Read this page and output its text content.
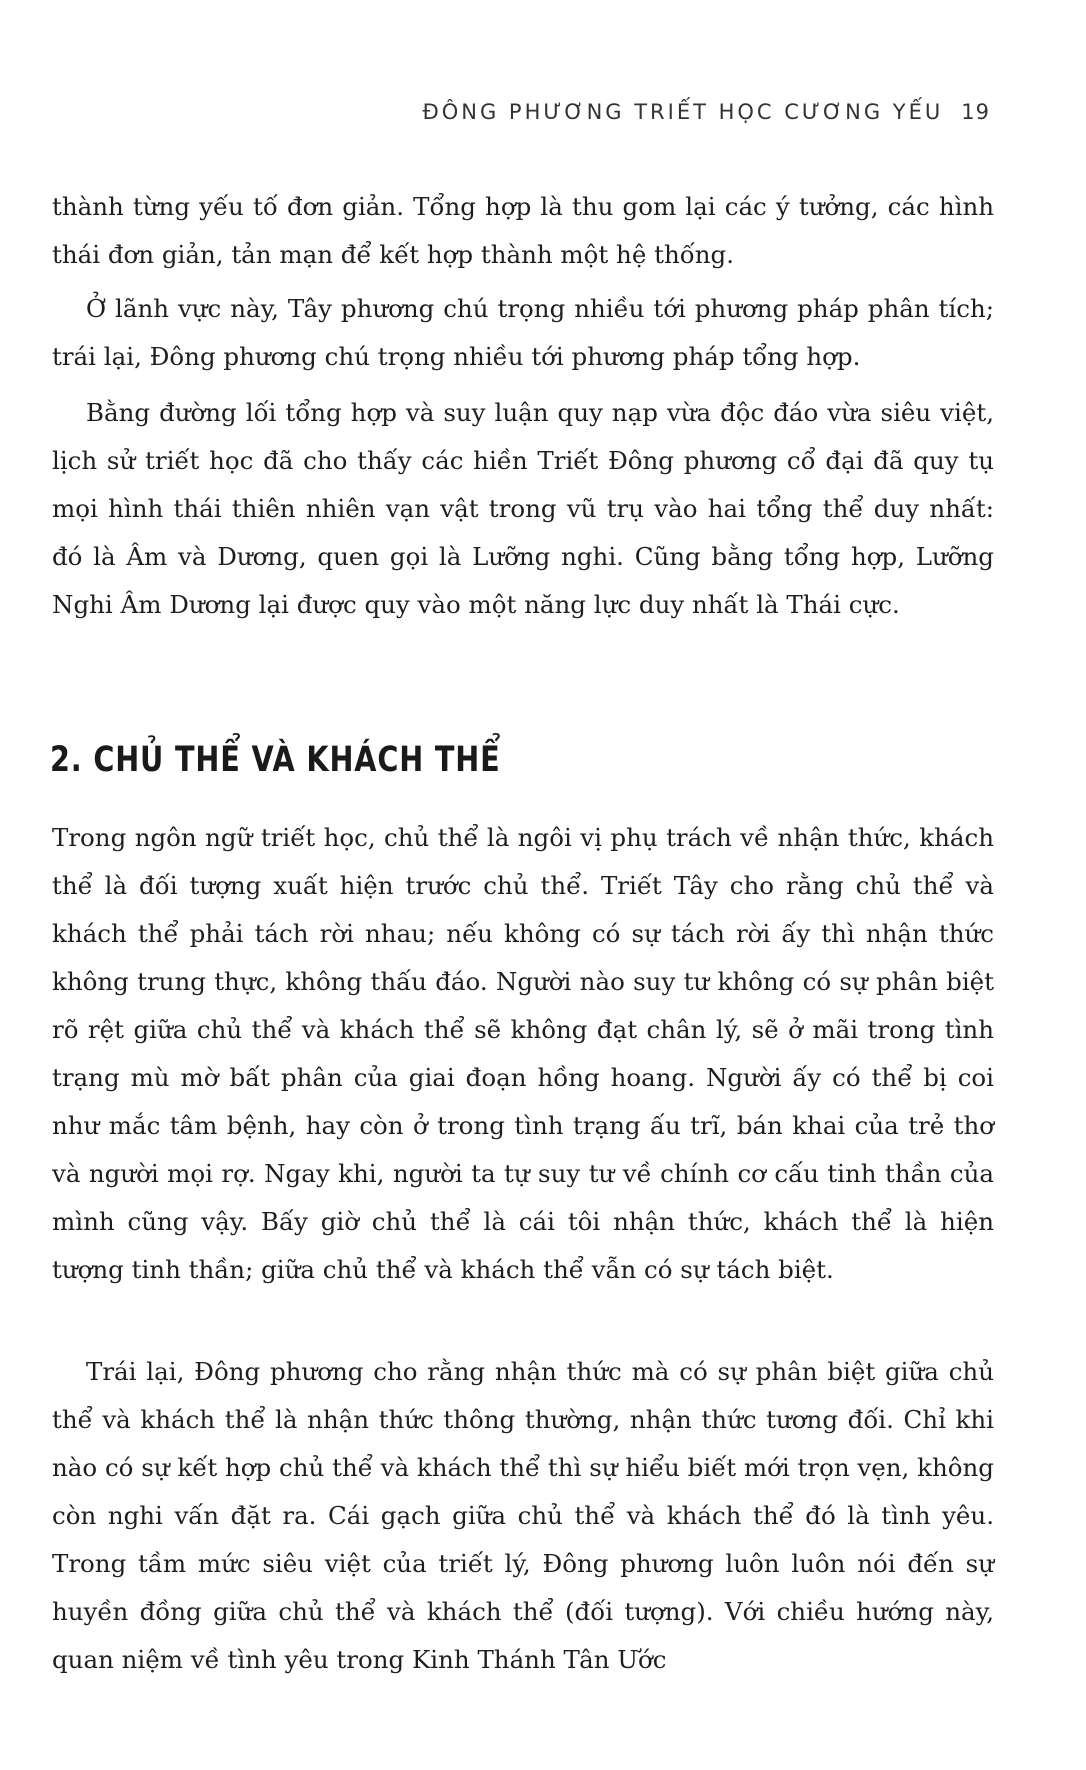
ĐÔNG PHƯƠNG TRIẾT HỌC CƯƠNG YẾU 19

thành từng yếu tố đơn giản. Tổng hợp là thu gom lại các ý tưởng, các hình thái đơn giản, tản mạn để kết hợp thành một hệ thống.

Ở lãnh vực này, Tây phương chú trọng nhiều tới phương pháp phân tích; trái lại, Đông phương chú trọng nhiều tới phương pháp tổng hợp.

Bằng đường lối tổng hợp và suy luận quy nạp vừa độc đáo vừa siêu việt, lịch sử triết học đã cho thấy các hiền Triết Đông phương cổ đại đã quy tụ mọi hình thái thiên nhiên vạn vật trong vũ trụ vào hai tổng thể duy nhất: đó là Âm và Dương, quen gọi là Lưỡng nghi. Cũng bằng tổng hợp, Lưỡng Nghi Âm Dương lại được quy vào một năng lực duy nhất là Thái cực.

2. CHỦ THỂ VÀ KHÁCH THỂ

Trong ngôn ngữ triết học, chủ thể là ngôi vị phụ trách về nhận thức, khách thể là đối tượng xuất hiện trước chủ thể. Triết Tây cho rằng chủ thể và khách thể phải tách rời nhau; nếu không có sự tách rời ấy thì nhận thức không trung thực, không thấu đáo. Người nào suy tư không có sự phân biệt rõ rệt giữa chủ thể và khách thể sẽ không đạt chân lý, sẽ ở mãi trong tình trạng mù mờ bất phân của giai đoạn hồng hoang. Người ấy có thể bị coi như mắc tâm bệnh, hay còn ở trong tình trạng ấu trĩ, bán khai của trẻ thơ và người mọi rợ. Ngay khi, người ta tự suy tư về chính cơ cấu tinh thần của mình cũng vậy. Bấy giờ chủ thể là cái tôi nhận thức, khách thể là hiện tượng tinh thần; giữa chủ thể và khách thể vẫn có sự tách biệt.

Trái lại, Đông phương cho rằng nhận thức mà có sự phân biệt giữa chủ thể và khách thể là nhận thức thông thường, nhận thức tương đối. Chỉ khi nào có sự kết hợp chủ thể và khách thể thì sự hiểu biết mới trọn vẹn, không còn nghi vấn đặt ra. Cái gạch giữa chủ thể và khách thể đó là tình yêu. Trong tầm mức siêu việt của triết lý, Đông phương luôn luôn nói đến sự huyền đồng giữa chủ thể và khách thể (đối tượng). Với chiều hướng này, quan niệm về tình yêu trong Kinh Thánh Tân Ước
